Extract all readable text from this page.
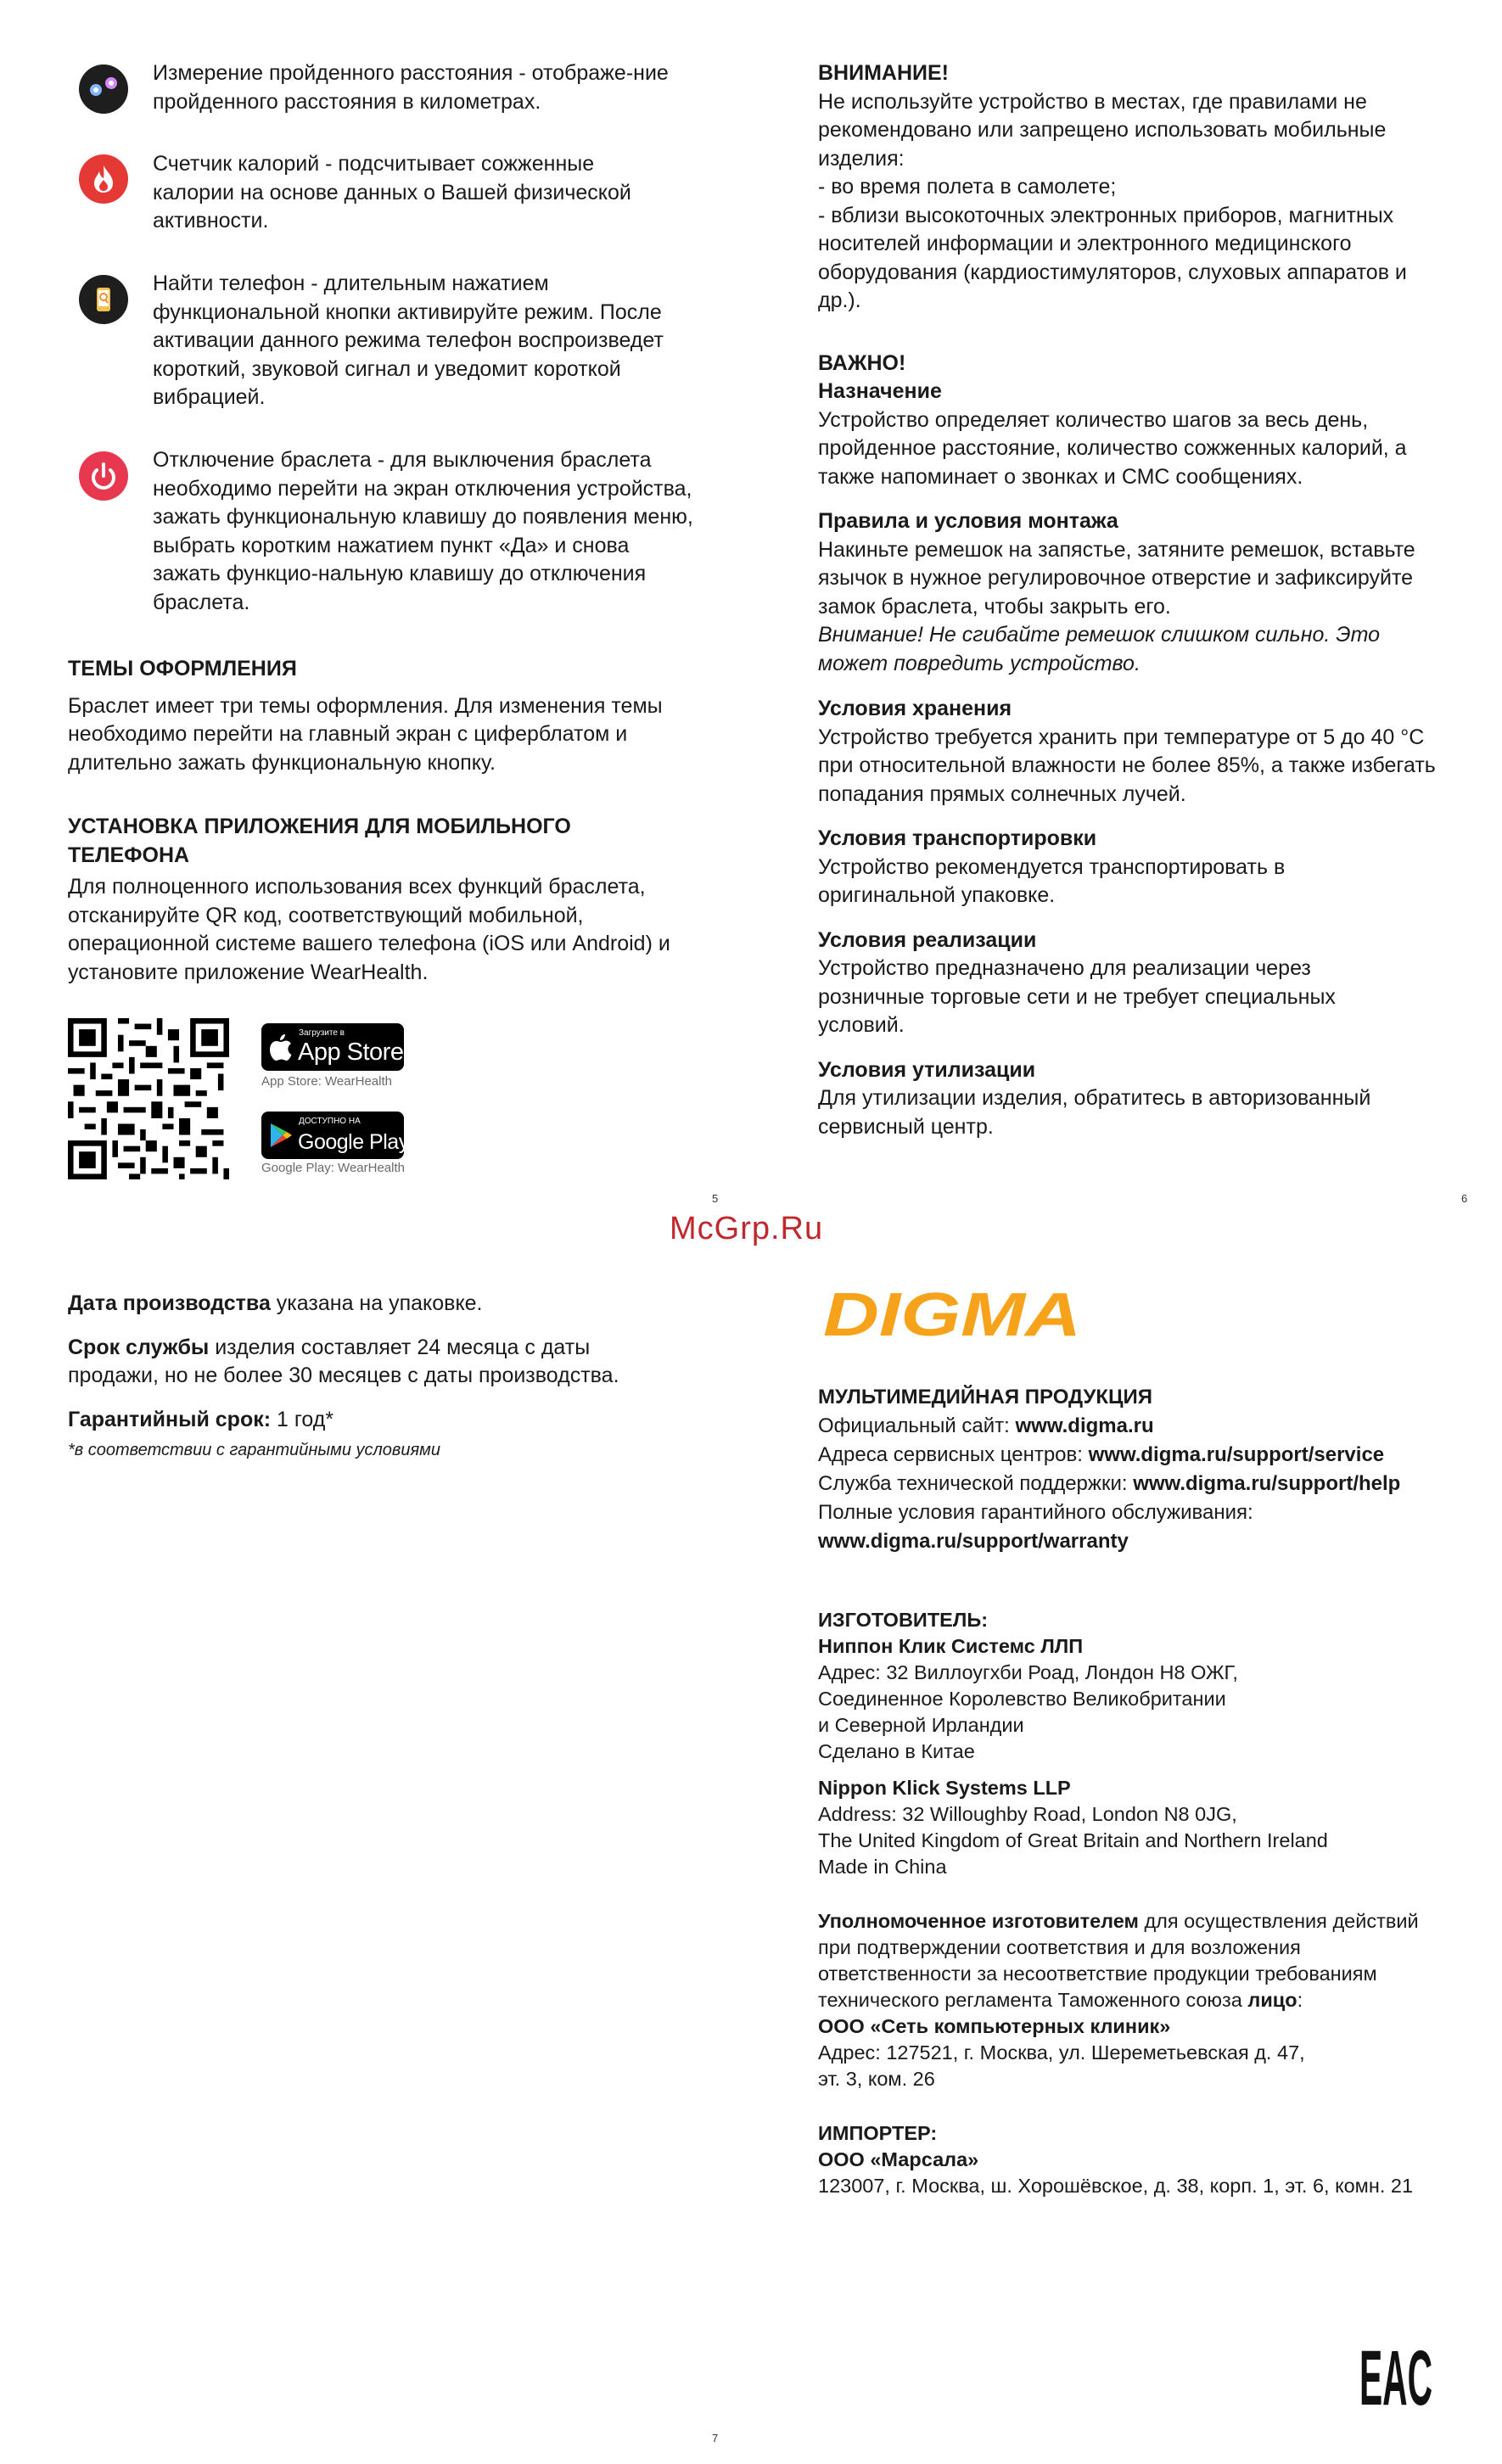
Измерение пройденного расстояния - отображе-ние пройденного расстояния в километрах.
Счетчик калорий - подсчитывает сожженные калории на основе данных о Вашей физической активности.
Найти телефон - длительным нажатием функциональной кнопки активируйте режим. После активации данного режима телефон воспроизведет короткий, звуковой сигнал и уведомит короткой вибрацией.
Отключение браслета - для выключения браслета необходимо перейти на экран отключения устройства, зажать функциональную клавишу до появления меню, выбрать коротким нажатием пункт «Да» и снова зажать функцио-нальную клавишу до отключения браслета.

ТЕМЫ ОФОРМЛЕНИЯ

Браслет имеет три темы оформления. Для изменения темы необходимо перейти на главный экран с циферблатом и длительно зажать функциональную кнопку.

УСТАНОВКА ПРИЛОЖЕНИЯ ДЛЯ МОБИЛЬНОГО ТЕЛЕФОНА

Для полноценного использования всех функций браслета, отсканируйте QR код, соответствующий мобильной, операционной системе вашего телефона (iOS или Android) и установите приложение WearHealth.

Загрузите в
App Store
App Store: WearHealth
ДОСТУПНО НА
Google Play
Google Play: WearHealth
5

ВНИМАНИЕ!

Не используйте устройство в местах, где правилами не рекомендовано или запрещено использовать мобильные изделия:

- во время полета в самолете;

- вблизи высокоточных электронных приборов, магнитных носителей информации и электронного медицинского оборудования (кардиостимуляторов, слуховых аппаратов и др.).

ВАЖНО!

Назначение

Устройство определяет количество шагов за весь день, пройденное расстояние, количество сожженных калорий, а также напоминает о звонках и СМС сообщениях.

Правила и условия монтажа

Накиньте ремешок на запястье, затяните ремешок, вставьте язычок в нужное регулировочное отверстие и зафиксируйте замок браслета, чтобы закрыть его.

Внимание! Не сгибайте ремешок слишком сильно. Это может повредить устройство.

Условия хранения

Устройство требуется хранить при температуре от 5 до 40 °С при относительной влажности не более 85%, а также избегать попадания прямых солнечных лучей.

Условия транспортировки

Устройство рекомендуется транспортировать в оригинальной упаковке.

Условия реализации

Устройство предназначено для реализации через розничные торговые сети и не требует специальных условий.

Условия утилизации

Для утилизации изделия, обратитесь в авторизованный сервисный центр.

6
McGrp.Ru

Дата производства указана на упаковке.

Срок службы изделия составляет 24 месяца с даты продажи, но не более 30 месяцев с даты производства.

Гарантийный срок: 1 год*

*в соответствии с гарантийными условиями

DIGMA

МУЛЬТИМЕДИЙНАЯ ПРОДУКЦИЯ

Официальный сайт: www.digma.ru

Адреса сервисных центров: www.digma.ru/support/service

Служба технической поддержки: www.digma.ru/support/help

Полные условия гарантийного обслуживания:

www.digma.ru/support/warranty

ИЗГОТОВИТЕЛЬ:

Ниппон Клик Системс ЛЛП

Адрес: 32 Виллоугхби Роад, Лондон Н8 ОЖГ,

Соединенное Королевство Великобритании

и Северной Ирландии

Сделано в Китае

Nippon Klick Systems LLP

Address: 32 Willoughby Road, London N8 0JG,

The United Kingdom of Great Britain and Northern Ireland

Made in China

Уполномоченное изготовителем для осуществления действий при подтверждении соответствия и для возложения ответственности за несоответствие продукции требованиям технического регламента Таможенного союза лицо:

ООО «Сеть компьютерных клиник»

Адрес: 127521, г. Москва, ул. Шереметьевская д. 47, эт. 3, ком. 26

ИМПОРТЕР:

ООО «Марсала»

123007, г. Москва, ш. Хорошёвское, д. 38, корп. 1, эт. 6, комн. 21

EAC
7
